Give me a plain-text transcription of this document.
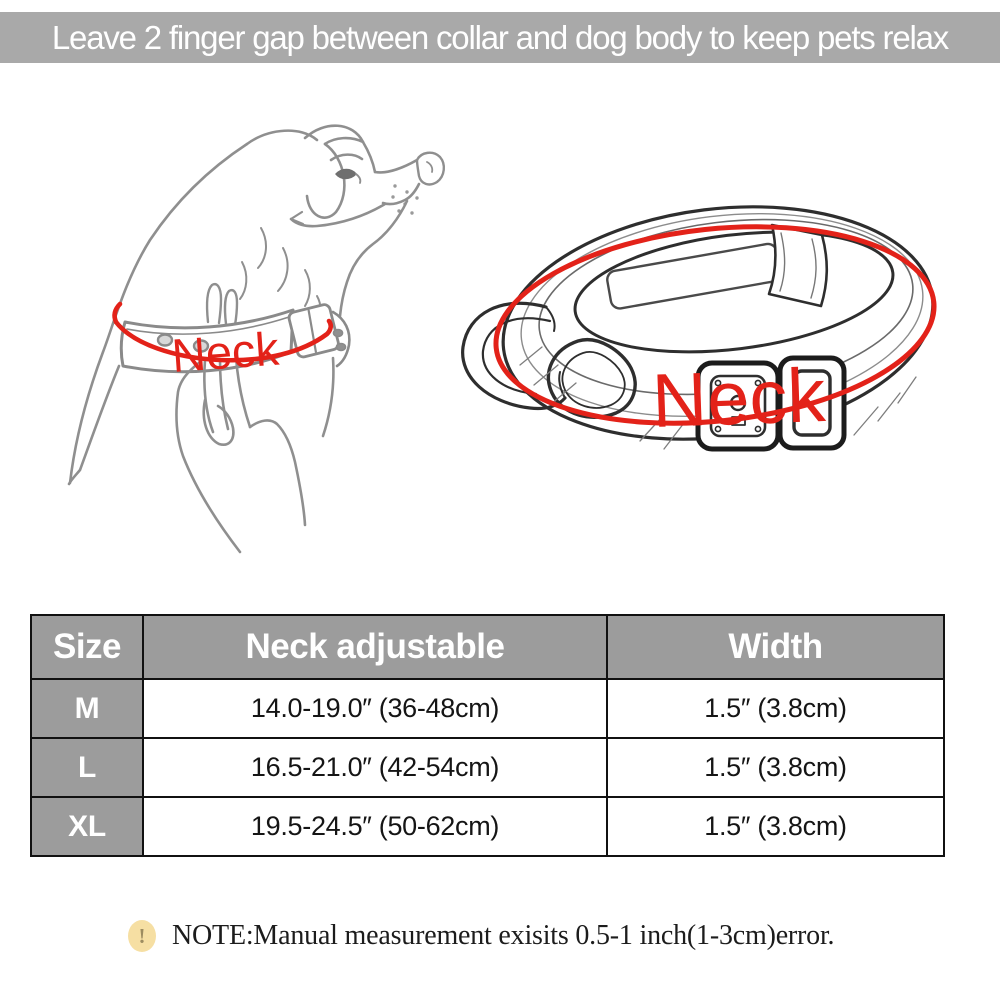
Leave 2 finger gap between collar and dog body to keep pets relax
Neck
Neck
Size	Neck adjustable	Width
M	14.0-19.0″ (36-48cm)	1.5″ (3.8cm)
L	16.5-21.0″ (42-54cm)	1.5″ (3.8cm)
XL	19.5-24.5″ (50-62cm)	1.5″ (3.8cm)
! NOTE:Manual measurement exisits 0.5-1 inch(1-3cm)error.
